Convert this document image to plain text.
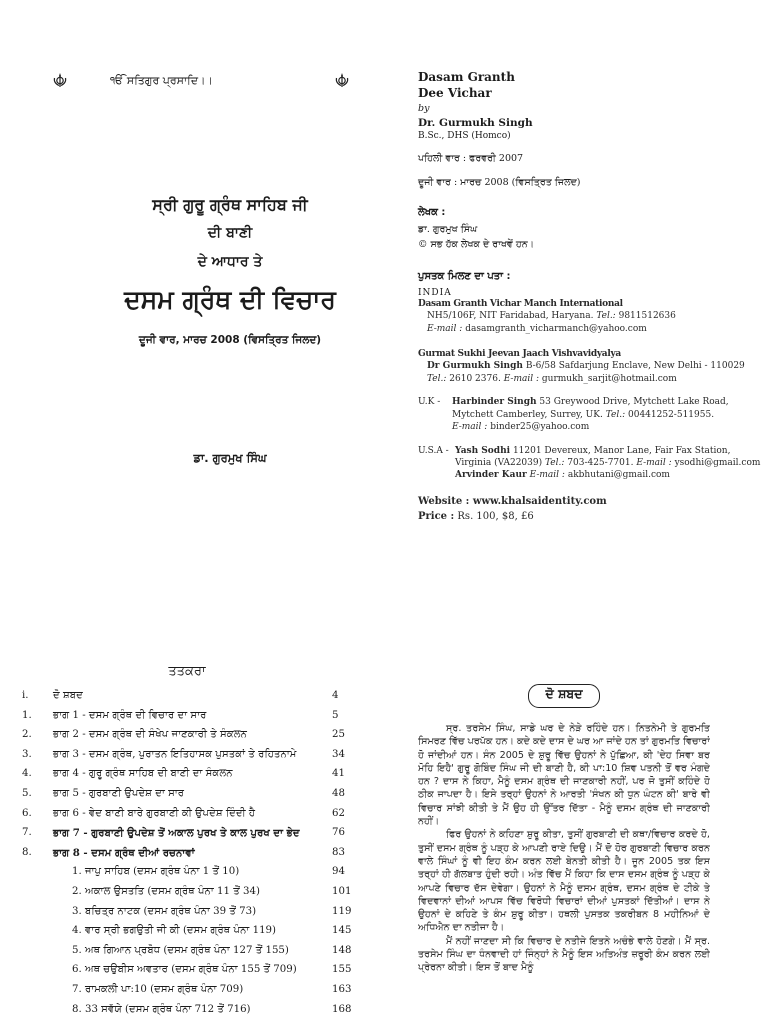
ੴ ਸਤਿਗੁਰ ਪ੍ਰਸਾਦਿ।।
ਸ੍ਰੀ ਗੁਰੂ ਗ੍ਰੰਥ ਸਾਹਿਬ ਜੀ
ਦੀ ਬਾਣੀ
ਦੇ ਆਧਾਰ ਤੇ
ਦਸਮ ਗ੍ਰੰਥ ਦੀ ਵਿਚਾਰ
ਦੂਜੀ ਵਾਰ, ਮਾਰਚ 2008 (ਵਿਸਤ੍ਰਿਤ ਜਿਲਦ)
ਡਾ. ਗੁਰਮੁਖ ਸਿੰਘ
Dasam Granth
Dee Vichar
by
Dr. Gurmukh Singh
B.Sc., DHS (Homco)
ਪਹਿਲੀ ਵਾਰ : ਫਰਵਰੀ 2007
ਦੂਜੀ ਵਾਰ : ਮਾਰਚ 2008 (ਵਿਸਤ੍ਰਿਤ ਜਿਲਦ)
ਲੇਖਕ :
ਡਾ. ਗੁਰਮੁਖ ਸਿੰਘ
© ਸਭ ਹੱਕ ਲੇਖਕ ਦੇ ਰਾਖਵੇਂ ਹਨ।
ਪੁਸਤਕ ਮਿਲਣ ਦਾ ਪਤਾ :
INDIA
Dasam Granth Vichar Manch International
NH5/106F, NIT Faridabad, Haryana. Tel.: 9811512636
E-mail : dasamgranth_vicharmanch@yahoo.com
Gurmat Sukhi Jeevan Jaach Vishvavidyalya
Dr Gurmukh Singh B-6/58 Safdarjung Enclave, New Delhi - 110029
Tel.: 2610 2376. E-mail : gurmukh_sarjit@hotmail.com
U.K - Harbinder Singh 53 Greywood Drive, Mytchett Lake Road,
Mytchett Camberley, Surrey, UK. Tel.: 00441252-511955.
E-mail : binder25@yahoo.com
U.S.A - Yash Sodhi 11201 Devereux, Manor Lane, Fair Fax Station,
Virginia (VA22039) Tel.: 703-425-7701. E-mail : ysodhi@gmail.com
Arvinder Kaur E-mail : akbhutani@gmail.com
Website : www.khalsaidentity.com
Price : Rs. 100, $8, £6
ਤਤਕਰਾ
i. ਦੋ ਸ਼ਬਦ	4
1. ਭਾਗ 1 - ਦਸਮ ਗ੍ਰੰਥ ਦੀ ਵਿਚਾਰ ਦਾ ਸਾਰ	5
2. ਭਾਗ 2 - ਦਸਮ ਗ੍ਰੰਥ ਦੀ ਸੰਖੇਪ ਜਾਣਕਾਰੀ ਤੇ ਸੰਕਲਨ	25
3. ਭਾਗ 3 - ਦਸਮ ਗ੍ਰੰਥ, ਪੁਰਾਤਨ ਇਤਿਹਾਸਕ ਪੁਸਤਕਾਂ ਤੇ ਰਹਿਤਨਾਮੇ	34
4. ਭਾਗ 4 - ਗੁਰੂ ਗ੍ਰੰਥ ਸਾਹਿਬ ਦੀ ਬਾਣੀ ਦਾ ਸੰਕਲਨ	41
5. ਭਾਗ 5 - ਗੁਰਬਾਣੀ ਉਪਦੇਸ਼ ਦਾ ਸਾਰ	48
6. ਭਾਗ 6 - ਵੇਦ ਬਾਣੀ ਬਾਰੇ ਗੁਰਬਾਣੀ ਕੀ ਉਪਦੇਸ਼ ਦਿੰਦੀ ਹੈ	62
7. ਭਾਗ 7 - ਗੁਰਬਾਣੀ ਉਪਦੇਸ਼ ਤੋਂ ਅਕਾਲ ਪੁਰਖ ਤੇ ਕਾਲ ਪੁਰਖ ਦਾ ਭੇਦ	76
8. ਭਾਗ 8 - ਦਸਮ ਗ੍ਰੰਥ ਦੀਆਂ ਰਚਨਾਵਾਂ	83
1. ਜਾਪੁ ਸਾਹਿਬ (ਦਸਮ ਗ੍ਰੰਥ ਪੰਨਾ 1 ਤੋਂ 10)	94
2. ਅਕਾਲ ਉਸਤਤਿ (ਦਸਮ ਗ੍ਰੰਥ ਪੰਨਾ 11 ਤੋਂ 34)	101
3. ਬਚਿਤ੍ਰ ਨਾਟਕ (ਦਸਮ ਗ੍ਰੰਥ ਪੰਨਾ 39 ਤੋਂ 73)	119
4. ਵਾਰ ਸ੍ਰੀ ਭਗਉਤੀ ਜੀ ਕੀ (ਦਸਮ ਗ੍ਰੰਥ ਪੰਨਾ 119)	145
5. ਅਥ ਗਿਆਨ ਪ੍ਰਬੋਧ (ਦਸਮ ਗ੍ਰੰਥ ਪੰਨਾ 127 ਤੋਂ 155)	148
6. ਅਥ ਚਉਬੀਸ ਅਵਤਾਰ (ਦਸਮ ਗ੍ਰੰਥ ਪੰਨਾ 155 ਤੋਂ 709)	155
7. ਰਾਮਕਲੀ ਪਾ:10 (ਦਸਮ ਗ੍ਰੰਥ ਪੰਨਾ 709)	163
8. 33 ਸਵੱਯੇ (ਦਸਮ ਗ੍ਰੰਥ ਪੰਨਾ 712 ਤੋਂ 716)	168
ਦੋ ਸ਼ਬਦ

ਸ੍ਰ. ਤਰਸੇਮ ਸਿੰਘ, ਸਾਡੇ ਘਰ ਦੇ ਨੇੜੇ ਰਹਿੰਦੇ ਹਨ। ਨਿਤਨੇਮੀ ਤੇ ਗੁਰਮਤਿ ਸਿਮਰਣ ਵਿੱਚ ਪਰਪੱਕ ਹਨ। ਕਦੇ ਕਦੇ ਦਾਸ ਦੇ ਘਰ ਆ ਜਾਂਦੇ ਹਨ ਤਾਂ ਗੁਰਮਤਿ ਵਿਚਾਰਾਂ ਹੋ ਜਾਂਦੀਆਂ ਹਨ। ਸੰਨ 2005 ਦੇ ਸ਼ੁਰੂ ਵਿੱਚ ਉਹਨਾਂ ਨੇ ਪੁੱਛਿਆ, ਕੀ 'ਦੇਹ ਸਿਵਾ ਬਰ ਮੋਹਿ ਇਹੈ' ਗੁਰੂ ਗੋਬਿੰਦ ਸਿੰਘ ਜੀ ਦੀ ਬਾਣੀ ਹੈ, ਕੀ ਪਾ:10 ਸ਼ਿਵ ਪਤਨੀ ਤੋਂ ਵਰ ਮੰਗਦੇ ਹਨ ? ਦਾਸ ਨੇ ਕਿਹਾ, ਮੈਨੂੰ ਦਸਮ ਗ੍ਰੰਥ ਦੀ ਜਾਣਕਾਰੀ ਨਹੀਂ, ਪਰ ਜੋ ਤੁਸੀਂ ਕਹਿੰਦੇ ਹੋ ਠੀਕ ਜਾਪਦਾ ਹੈ। ਇਸੇ ਤਰ੍ਹਾਂ ਉਹਨਾਂ ਨੇ ਆਰਤੀ 'ਸੰਖਨ ਕੀ ਧੁਨ ਘੰਟਨ ਕੀ' ਬਾਰੇ ਵੀ ਵਿਚਾਰ ਸਾਂਝੀ ਕੀਤੀ ਤੇ ਮੈਂ ਉਹ ਹੀ ਉੱਤਰ ਦਿੱਤਾ - ਮੈਨੂੰ ਦਸਮ ਗ੍ਰੰਥ ਦੀ ਜਾਣਕਾਰੀ ਨਹੀਂ।

ਫਿਰ ਉਹਨਾਂ ਨੇ ਕਹਿਣਾ ਸ਼ੁਰੂ ਕੀਤਾ, ਤੁਸੀਂ ਗੁਰਬਾਣੀ ਦੀ ਕਥਾ/ਵਿਚਾਰ ਕਰਦੇ ਹੋ, ਤੁਸੀਂ ਦਸਮ ਗ੍ਰੰਥ ਨੂੰ ਪੜ੍ਹ ਕੇ ਆਪਣੀ ਰਾਏ ਦਿਉ। ਮੈਂ ਦੋ ਹੋਰ ਗੁਰਬਾਣੀ ਵਿਚਾਰ ਕਰਨ ਵਾਲੇ ਸਿੰਘਾਂ ਨੂੰ ਵੀ ਇਹ ਕੰਮ ਕਰਨ ਲਈ ਬੇਨਤੀ ਕੀਤੀ ਹੈ। ਜੂਨ 2005 ਤਕ ਇਸ ਤਰ੍ਹਾਂ ਹੀ ਗੱਲਬਾਤ ਹੁੰਦੀ ਰਹੀ। ਅੰਤ ਵਿੱਚ ਮੈਂ ਕਿਹਾ ਕਿ ਦਾਸ ਦਸਮ ਗ੍ਰੰਥ ਨੂੰ ਪੜ੍ਹ ਕੇ ਆਪਣੇ ਵਿਚਾਰ ਦੱਸ ਦੇਵੇਗਾ। ਉਹਨਾਂ ਨੇ ਮੈਨੂੰ ਦਸਮ ਗ੍ਰੰਥ, ਦਸਮ ਗ੍ਰੰਥ ਦੇ ਟੀਕੇ ਤੇ ਵਿਦਵਾਨਾਂ ਦੀਆਂ ਆਪਸ ਵਿੱਚ ਵਿਰੋਧੀ ਵਿਚਾਰਾਂ ਦੀਆਂ ਪੁਸਤਕਾਂ ਦਿੱਤੀਆਂ। ਦਾਸ ਨੇ ਉਹਨਾਂ ਦੇ ਕਹਿਣੇ ਤੇ ਕੰਮ ਸ਼ੁਰੂ ਕੀਤਾ। ਹਥਲੀ ਪੁਸਤਕ ਤਕਰੀਬਨ 8 ਮਹੀਨਿਆਂ ਦੇ ਅਧਿਐਨ ਦਾ ਨਤੀਜਾ ਹੈ।

ਮੈਂ ਨਹੀਂ ਜਾਣਦਾ ਸੀ ਕਿ ਵਿਚਾਰ ਦੇ ਨਤੀਜੇ ਇਤਨੇ ਅਚੰਭੇ ਵਾਲੇ ਹੋਣਗੇ। ਮੈਂ ਸ੍ਰ. ਤਰਸੇਮ ਸਿੰਘ ਦਾ ਧੰਨਵਾਦੀ ਹਾਂ ਜਿੰਨ੍ਹਾਂ ਨੇ ਮੈਨੂੰ ਇਸ ਅਤਿਅੰਤ ਜ਼ਰੂਰੀ ਕੰਮ ਕਰਨ ਲਈ ਪ੍ਰੇਰਨਾ ਕੀਤੀ। ਇਸ ਤੋਂ ਬਾਦ ਮੈਨੂੰ
